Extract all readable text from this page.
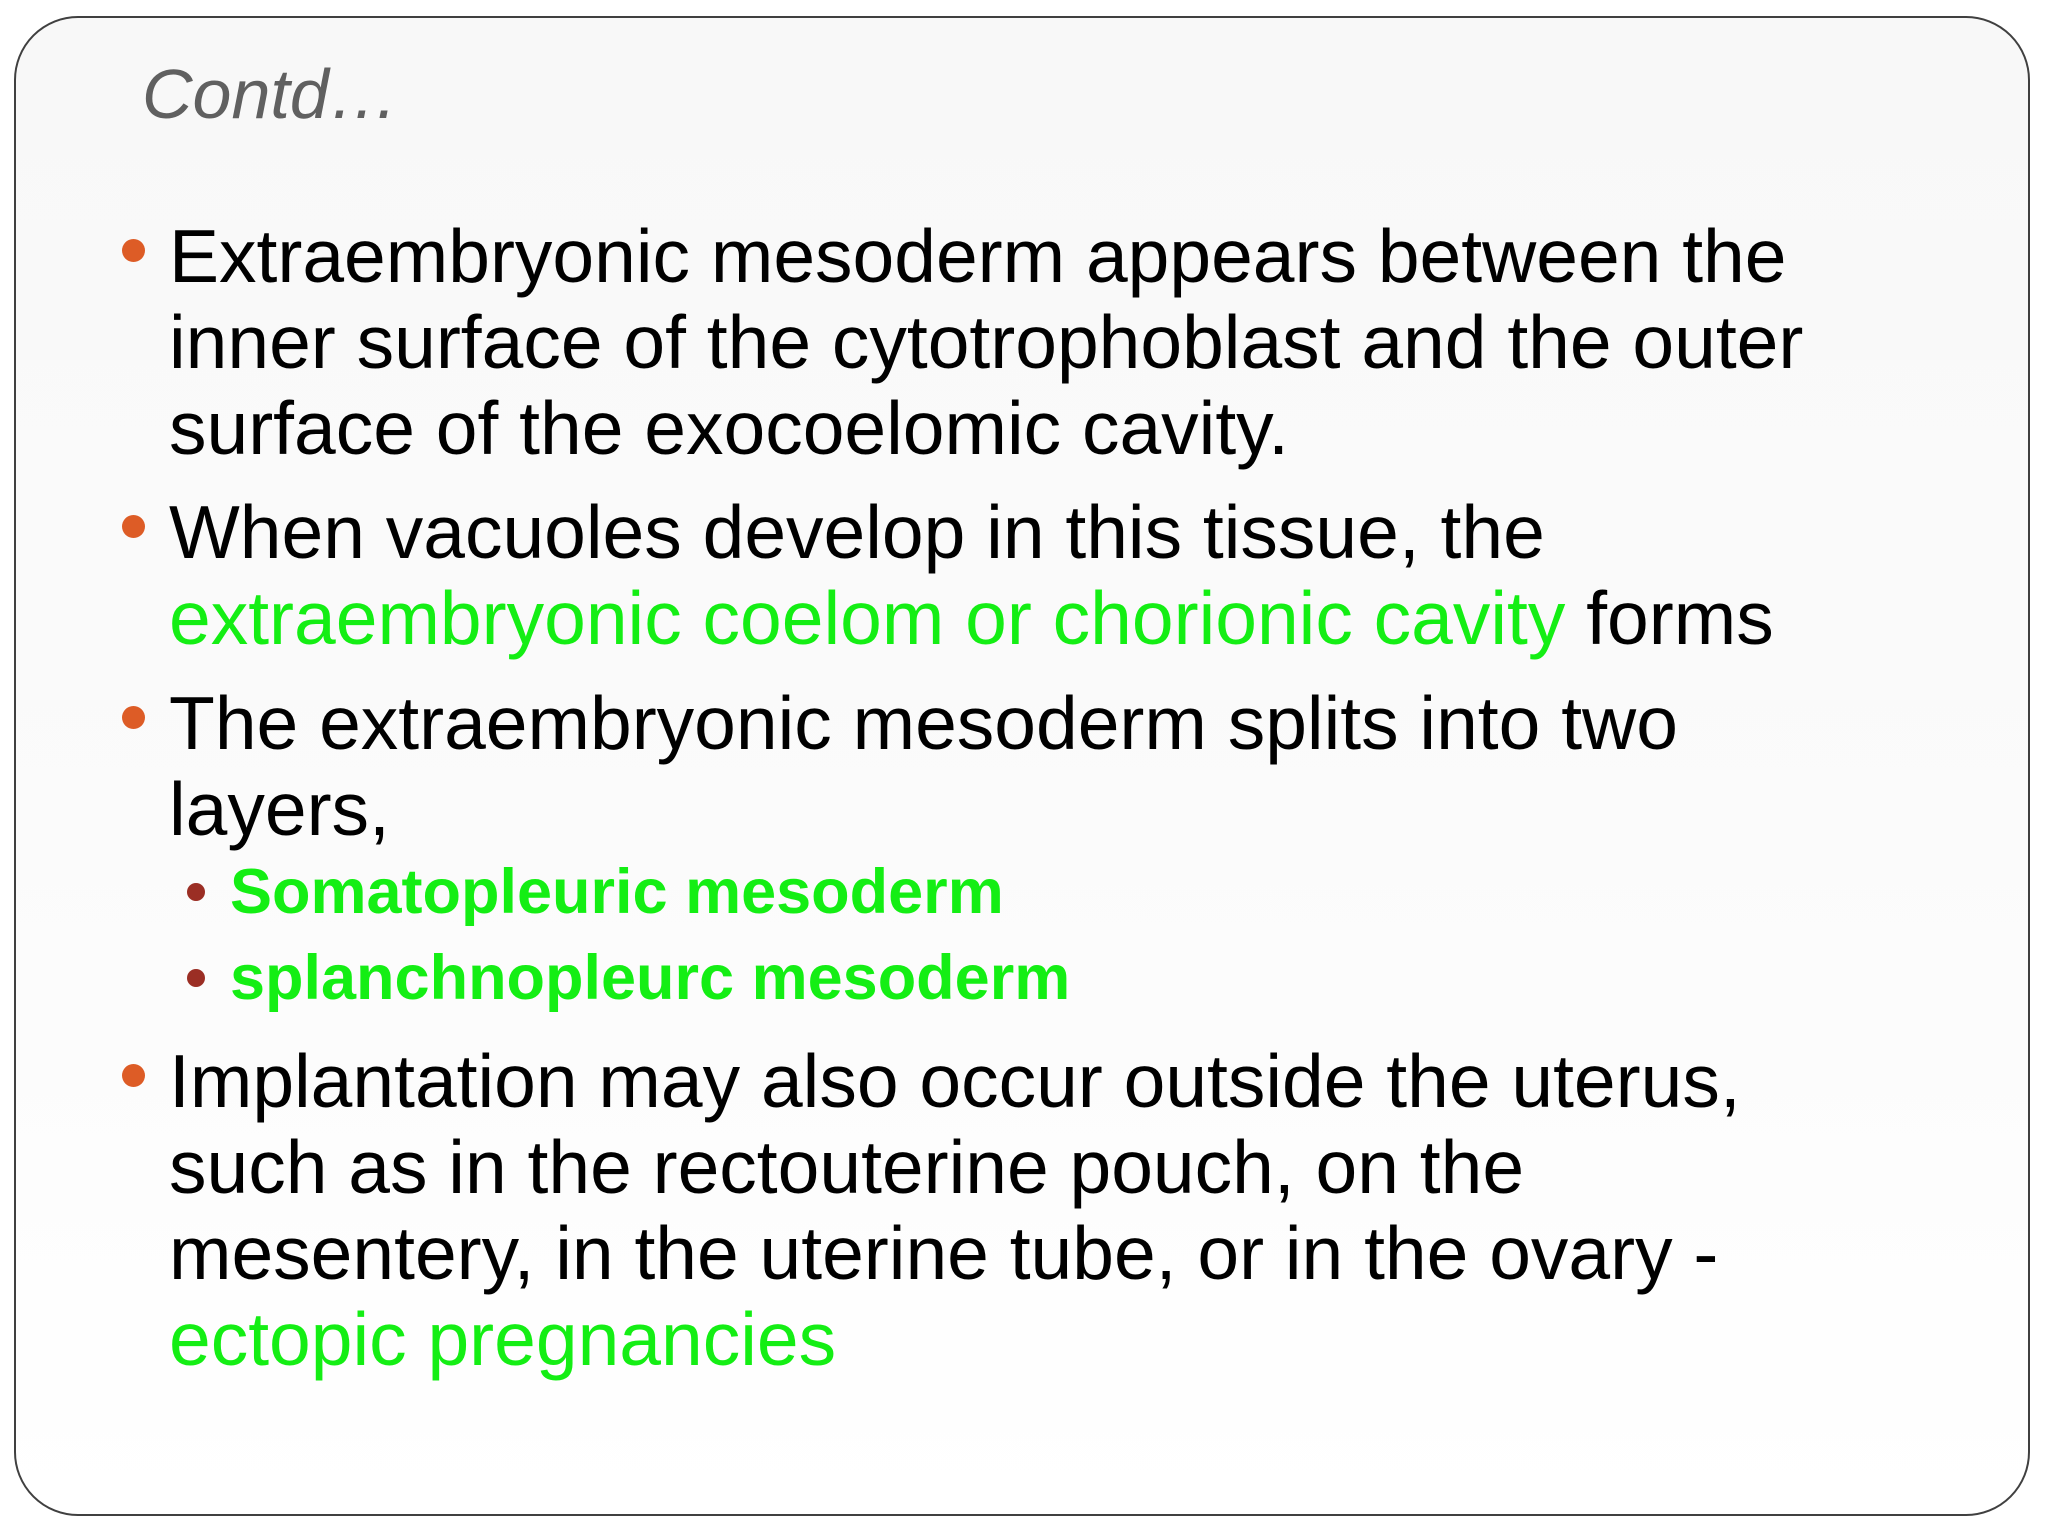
Contd…
Extraembryonic mesoderm appears between the inner surface of the cytotrophoblast and the outer surface of the exocoelomic cavity.
When vacuoles develop in this tissue, the extraembryonic coelom or chorionic cavity forms
The extraembryonic mesoderm splits into two layers,
Somatopleuric mesoderm
splanchnopleurc mesoderm
Implantation may also occur outside the uterus, such as in the rectouterine pouch, on the mesentery, in the uterine tube, or in the ovary - ectopic pregnancies
